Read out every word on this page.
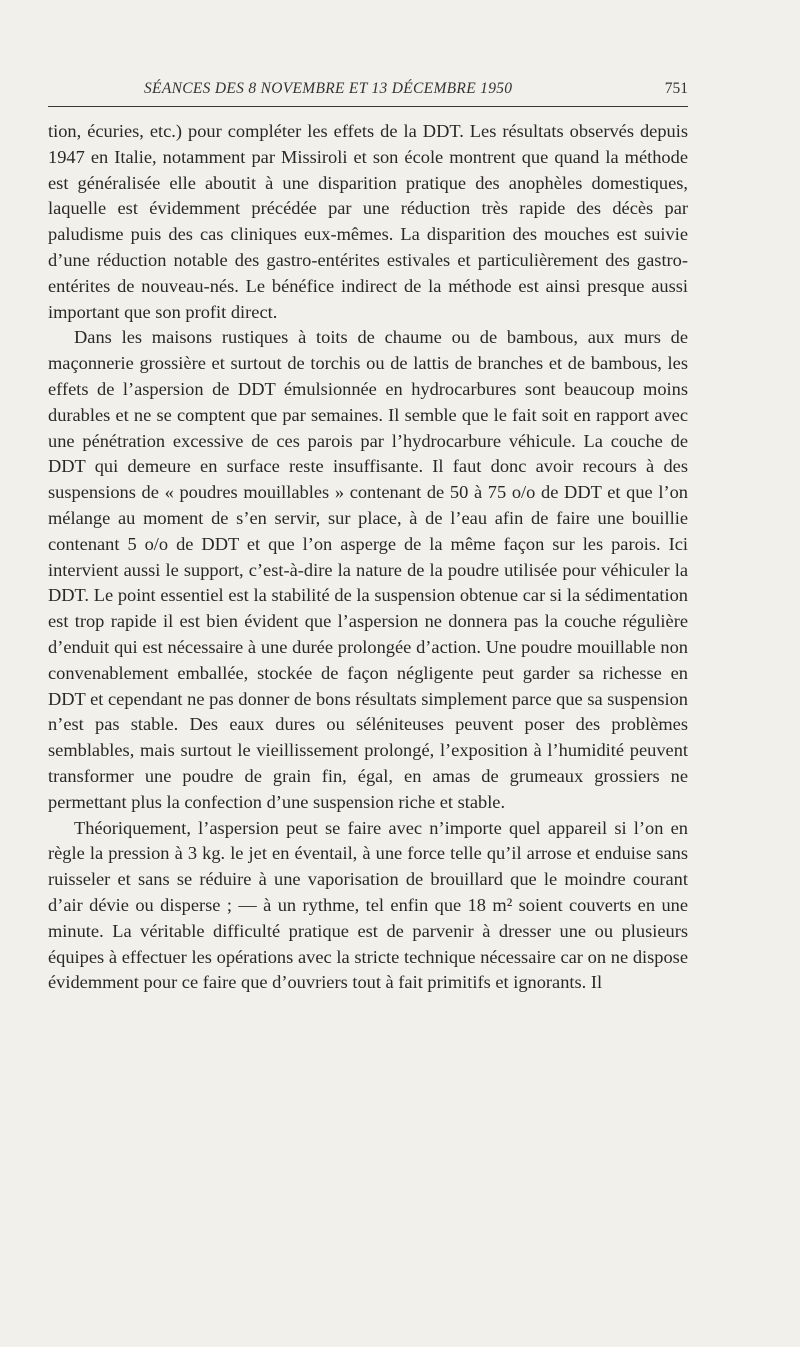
SÉANCES DES 8 NOVEMBRE ET 13 DÉCEMBRE 1950	751

tion, écuries, etc.) pour compléter les effets de la DDT. Les résultats observés depuis 1947 en Italie, notamment par Missiroli et son école montrent que quand la méthode est généralisée elle aboutit à une disparition pratique des anophèles domestiques, laquelle est évidemment précédée par une réduction très rapide des décès par paludisme puis des cas cliniques eux-mêmes. La disparition des mouches est suivie d’une réduction notable des gastro-entérites estivales et particulièrement des gastro-entérites de nouveau-nés. Le bénéfice indirect de la méthode est ainsi presque aussi important que son profit direct.

Dans les maisons rustiques à toits de chaume ou de bambous, aux murs de maçonnerie grossière et surtout de torchis ou de lattis de branches et de bambous, les effets de l’aspersion de DDT émulsionnée en hydrocarbures sont beaucoup moins durables et ne se comptent que par semaines. Il semble que le fait soit en rapport avec une pénétration excessive de ces parois par l’hydrocarbure véhicule. La couche de DDT qui demeure en surface reste insuffisante. Il faut donc avoir recours à des suspensions de « poudres mouillables » contenant de 50 à 75 o/o de DDT et que l’on mélange au moment de s’en servir, sur place, à de l’eau afin de faire une bouillie contenant 5 o/o de DDT et que l’on asperge de la même façon sur les parois. Ici intervient aussi le support, c’est-à-dire la nature de la poudre utilisée pour véhiculer la DDT. Le point essentiel est la stabilité de la suspension obtenue car si la sédimentation est trop rapide il est bien évident que l’aspersion ne donnera pas la couche régulière d’enduit qui est nécessaire à une durée prolongée d’action. Une poudre mouillable non convenablement emballée, stockée de façon négligente peut garder sa richesse en DDT et cependant ne pas donner de bons résultats simplement parce que sa suspension n’est pas stable. Des eaux dures ou séléniteuses peuvent poser des problèmes semblables, mais surtout le vieillissement prolongé, l’exposition à l’humidité peuvent transformer une poudre de grain fin, égal, en amas de grumeaux grossiers ne permettant plus la confection d’une suspension riche et stable.

Théoriquement, l’aspersion peut se faire avec n’importe quel appareil si l’on en règle la pression à 3 kg. le jet en éventail, à une force telle qu’il arrose et enduise sans ruisseler et sans se réduire à une vaporisation de brouillard que le moindre courant d’air dévie ou disperse ; — à un rythme, tel enfin que 18 m² soient couverts en une minute. La véritable difficulté pratique est de parvenir à dresser une ou plusieurs équipes à effectuer les opérations avec la stricte technique nécessaire car on ne dispose évidemment pour ce faire que d’ouvriers tout à fait primitifs et ignorants. Il
